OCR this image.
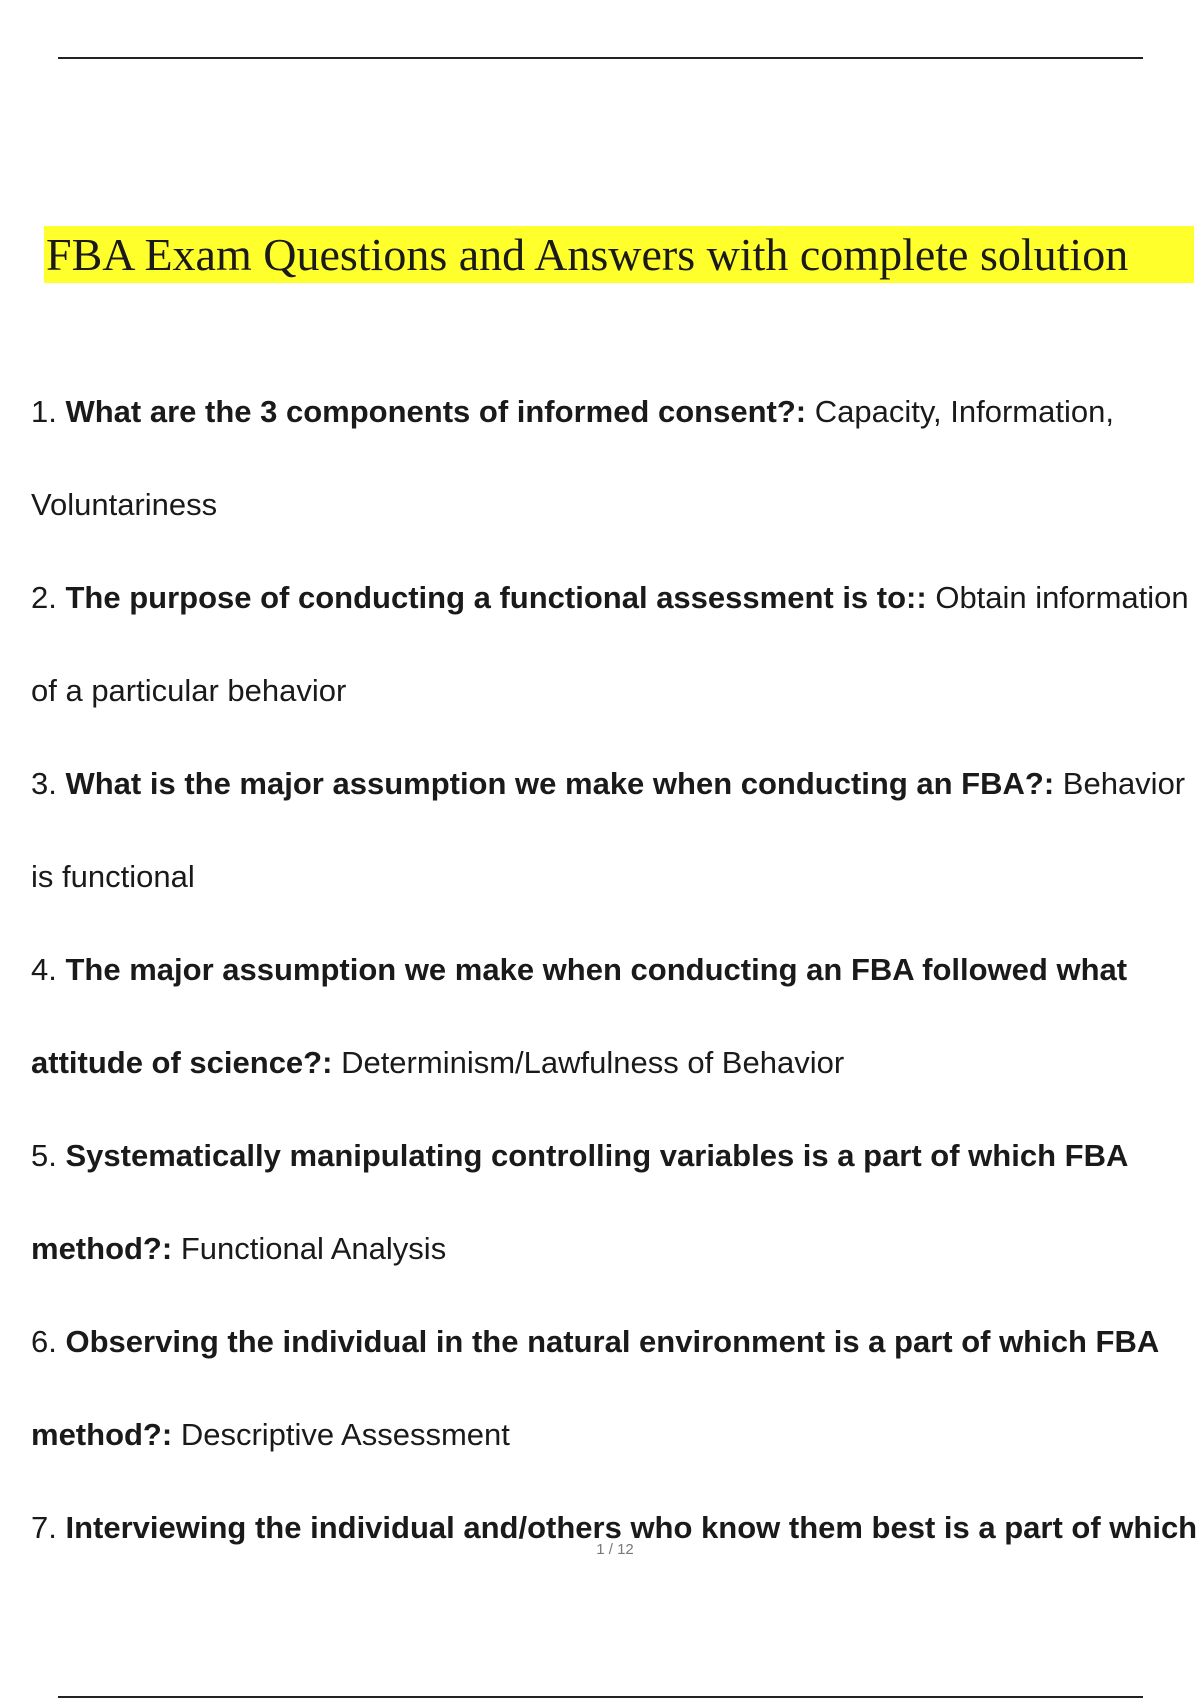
FBA Exam Questions and Answers with complete solution

1. What are the 3 components of informed consent?: Capacity, Information, Voluntariness

2. The purpose of conducting a functional assessment is to:: Obtain information of a particular behavior

3. What is the major assumption we make when conducting an FBA?: Behavior is functional

4. The major assumption we make when conducting an FBA followed what attitude of science?: Determinism/Lawfulness of Behavior

5. Systematically manipulating controlling variables is a part of which FBA method?: Functional Analysis

6. Observing the individual in the natural environment is a part of which FBA method?: Descriptive Assessment

7. Interviewing the individual and/others who know them best is a part of which

1 / 12
